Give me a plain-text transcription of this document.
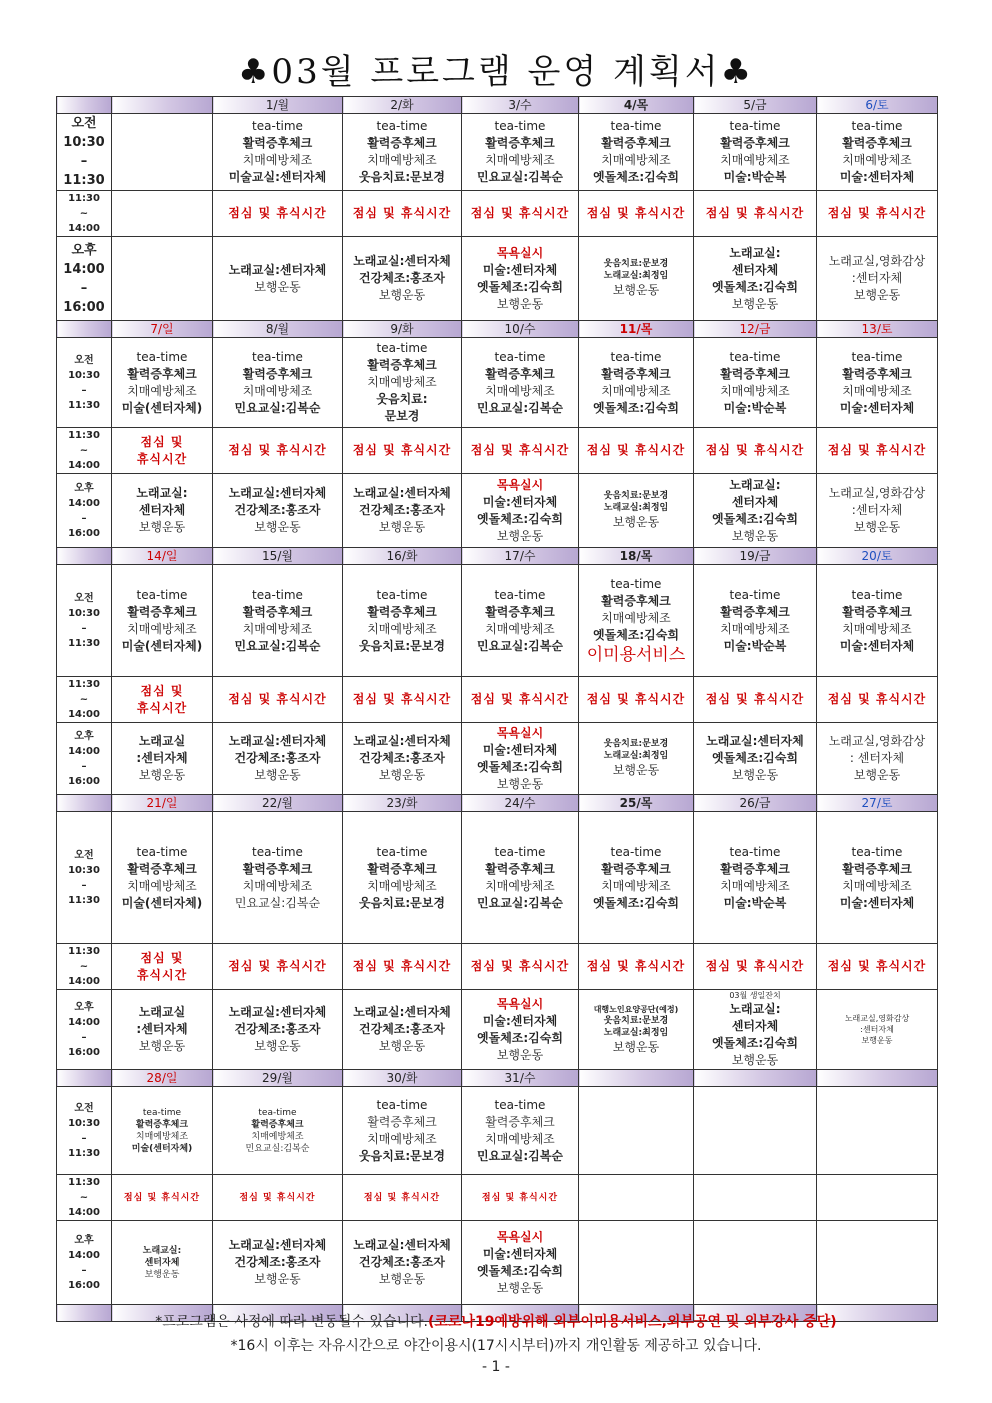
♣03월 프로그램 운영 계획서♣
		1/월	2/화	3/수	4/목	5/금	6/토

오전
10:30
–
11:30		tea-time
활력증후체크
치매예방체조
미술교실:센터자체	tea-time
활력증후체크
치매예방체조
웃음치료:문보경	tea-time
활력증후체크
치매예방체조
민요교실:김복순	tea-time
활력증후체크
치매예방체조
옛돌체조:김숙희	tea-time
활력증후체크
치매예방체조
미술:박순복	tea-time
활력증후체크
치매예방체조
미술:센터자체

11:30
~
14:00		점심 및 휴식시간	점심 및 휴식시간	점심 및 휴식시간	점심 및 휴식시간	점심 및 휴식시간	점심 및 휴식시간

오후
14:00
–
16:00		노래교실:센터자체
보행운동	노래교실:센터자체
건강체조:홍조자
보행운동	목욕실시
미술:센터자체
옛돌체조:김숙희
보행운동	웃음치료:문보경
노래교실:최정임
보행운동	노래교실:
센터자체
옛돌체조:김숙희
보행운동	노래교실,영화감상
:센터자체
보행운동

	7/일	8/월	9/화	10/수	11/목	12/금	13/토

오전
10:30
–
11:30	tea-time
활력증후체크
치매예방체조
미술(센터자체)	tea-time
활력증후체크
치매예방체조
민요교실:김복순	tea-time
활력증후체크
치매예방체조
웃음치료:
문보경	tea-time
활력증후체크
치매예방체조
민요교실:김복순	tea-time
활력증후체크
치매예방체조
옛돌체조:김숙희	tea-time
활력증후체크
치매예방체조
미술:박순복	tea-time
활력증후체크
치매예방체조
미술:센터자체

11:30
~
14:00	점심 및
휴식시간	점심 및 휴식시간	점심 및 휴식시간	점심 및 휴식시간	점심 및 휴식시간	점심 및 휴식시간	점심 및 휴식시간

오후
14:00
–
16:00	노래교실:
센터자체
보행운동	노래교실:센터자체
건강체조:홍조자
보행운동	노래교실:센터자체
건강체조:홍조자
보행운동	목욕실시
미술:센터자체
옛돌체조:김숙희
보행운동	웃음치료:문보경
노래교실:최정임
보행운동	노래교실:
센터자체
옛돌체조:김숙희
보행운동	노래교실,영화감상
:센터자체
보행운동

	14/일	15/월	16/화	17/수	18/목	19/금	20/토

오전
10:30
–
11:30	tea-time
활력증후체크
치매예방체조
미술(센터자체)	tea-time
활력증후체크
치매예방체조
민요교실:김복순	tea-time
활력증후체크
치매예방체조
웃음치료:문보경	tea-time
활력증후체크
치매예방체조
민요교실:김복순	tea-time
활력증후체크
치매예방체조
옛돌체조:김숙희
이미용서비스	tea-time
활력증후체크
치매예방체조
미술:박순복	tea-time
활력증후체크
치매예방체조
미술:센터자체

11:30
~
14:00	점심 및
휴식시간	점심 및 휴식시간	점심 및 휴식시간	점심 및 휴식시간	점심 및 휴식시간	점심 및 휴식시간	점심 및 휴식시간

오후
14:00
–
16:00	노래교실
:센터자체
보행운동	노래교실:센터자체
건강체조:홍조자
보행운동	노래교실:센터자체
건강체조:홍조자
보행운동	목욕실시
미술:센터자체
옛돌체조:김숙희
보행운동	웃음치료:문보경
노래교실:최정임
보행운동	노래교실:센터자체
옛돌체조:김숙희
보행운동	노래교실,영화감상
: 센터자체
보행운동

	21/일	22/월	23/화	24/수	25/목	26/금	27/토

오전
10:30
–
11:30	tea-time
활력증후체크
치매예방체조
미술(센터자체)	tea-time
활력증후체크
치매예방체조
민요교실:김복순	tea-time
활력증후체크
치매예방체조
웃음치료:문보경	tea-time
활력증후체크
치매예방체조
민요교실:김복순	tea-time
활력증후체크
치매예방체조
옛돌체조:김숙희	tea-time
활력증후체크
치매예방체조
미술:박순복	tea-time
활력증후체크
치매예방체조
미술:센터자체

11:30
~
14:00	점심 및
휴식시간	점심 및 휴식시간	점심 및 휴식시간	점심 및 휴식시간	점심 및 휴식시간	점심 및 휴식시간	점심 및 휴식시간

오후
14:00
–
16:00	노래교실
:센터자체
보행운동	노래교실:센터자체
건강체조:홍조자
보행운동	노래교실:센터자체
건강체조:홍조자
보행운동	목욕실시
미술:센터자체
옛돌체조:김숙희
보행운동	대행노인요양공단(예정)
웃음치료:문보경
노래교실:최정임
보행운동	03월 생일잔치
노래교실:
센터자체
옛돌체조:김숙희
보행운동	노래교실,영화감상
:센터자체
보행운동

	28/일	29/월	30/화	31/수			

오전
10:30
–
11:30	tea-time
활력증후체크
치매예방체조
미술(센터자체)	tea-time
활력증후체크
치매예방체조
민요교실:김복순	tea-time
활력증후체크
치매예방체조
웃음치료:문보경	tea-time
활력증후체크
치매예방체조
민요교실:김복순			

11:30
~
14:00	점심 및 휴식시간	점심 및 휴식시간	점심 및 휴식시간	점심 및 휴식시간			

오후
14:00
–
16:00	노래교실:
센터자체
보행운동	노래교실:센터자체
건강체조:홍조자
보행운동	노래교실:센터자체
건강체조:홍조자
보행운동	목욕실시
미술:센터자체
옛돌체조:김숙희
보행운동			

*프로그램은 사정에 따라 변동될수 있습니다.(코로나19예방위해 외부이미용서비스,외부공연 및 외부강사 중단)
*16시 이후는 자유시간으로 야간이용시(17시시부터)까지 개인활동 제공하고 있습니다.
- 1 -
